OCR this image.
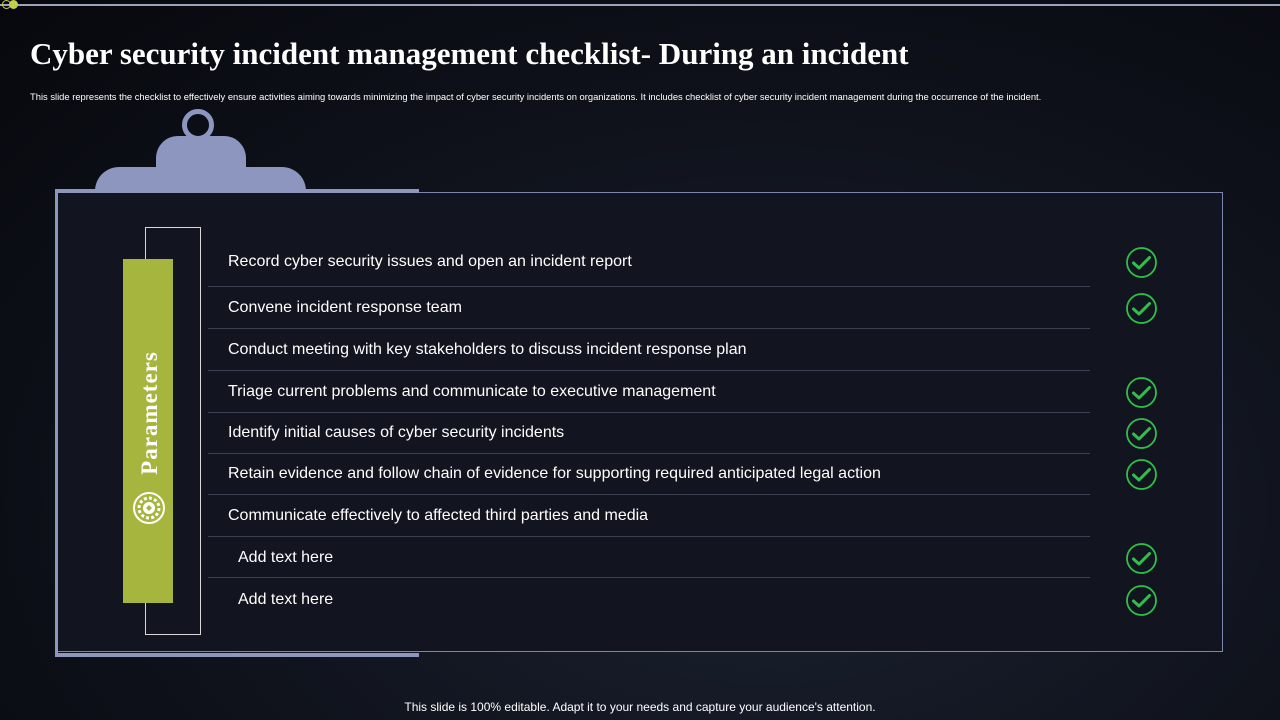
Cyber security incident management checklist- During an incident
This slide represents the checklist to effectively ensure activities aiming towards minimizing the impact of cyber security incidents on organizations. It includes checklist of cyber security incident management during the occurrence of the incident.
Parameters
Record cyber security issues and open an incident report
Convene incident response team
Conduct meeting with key stakeholders to discuss incident response plan
Triage current problems and communicate to executive management
Identify initial causes of cyber security incidents
Retain evidence and follow chain of evidence for supporting required anticipated legal action
Communicate effectively to affected third parties and media
Add text here
Add text here
This slide is 100% editable. Adapt it to your needs and capture your audience's attention.
